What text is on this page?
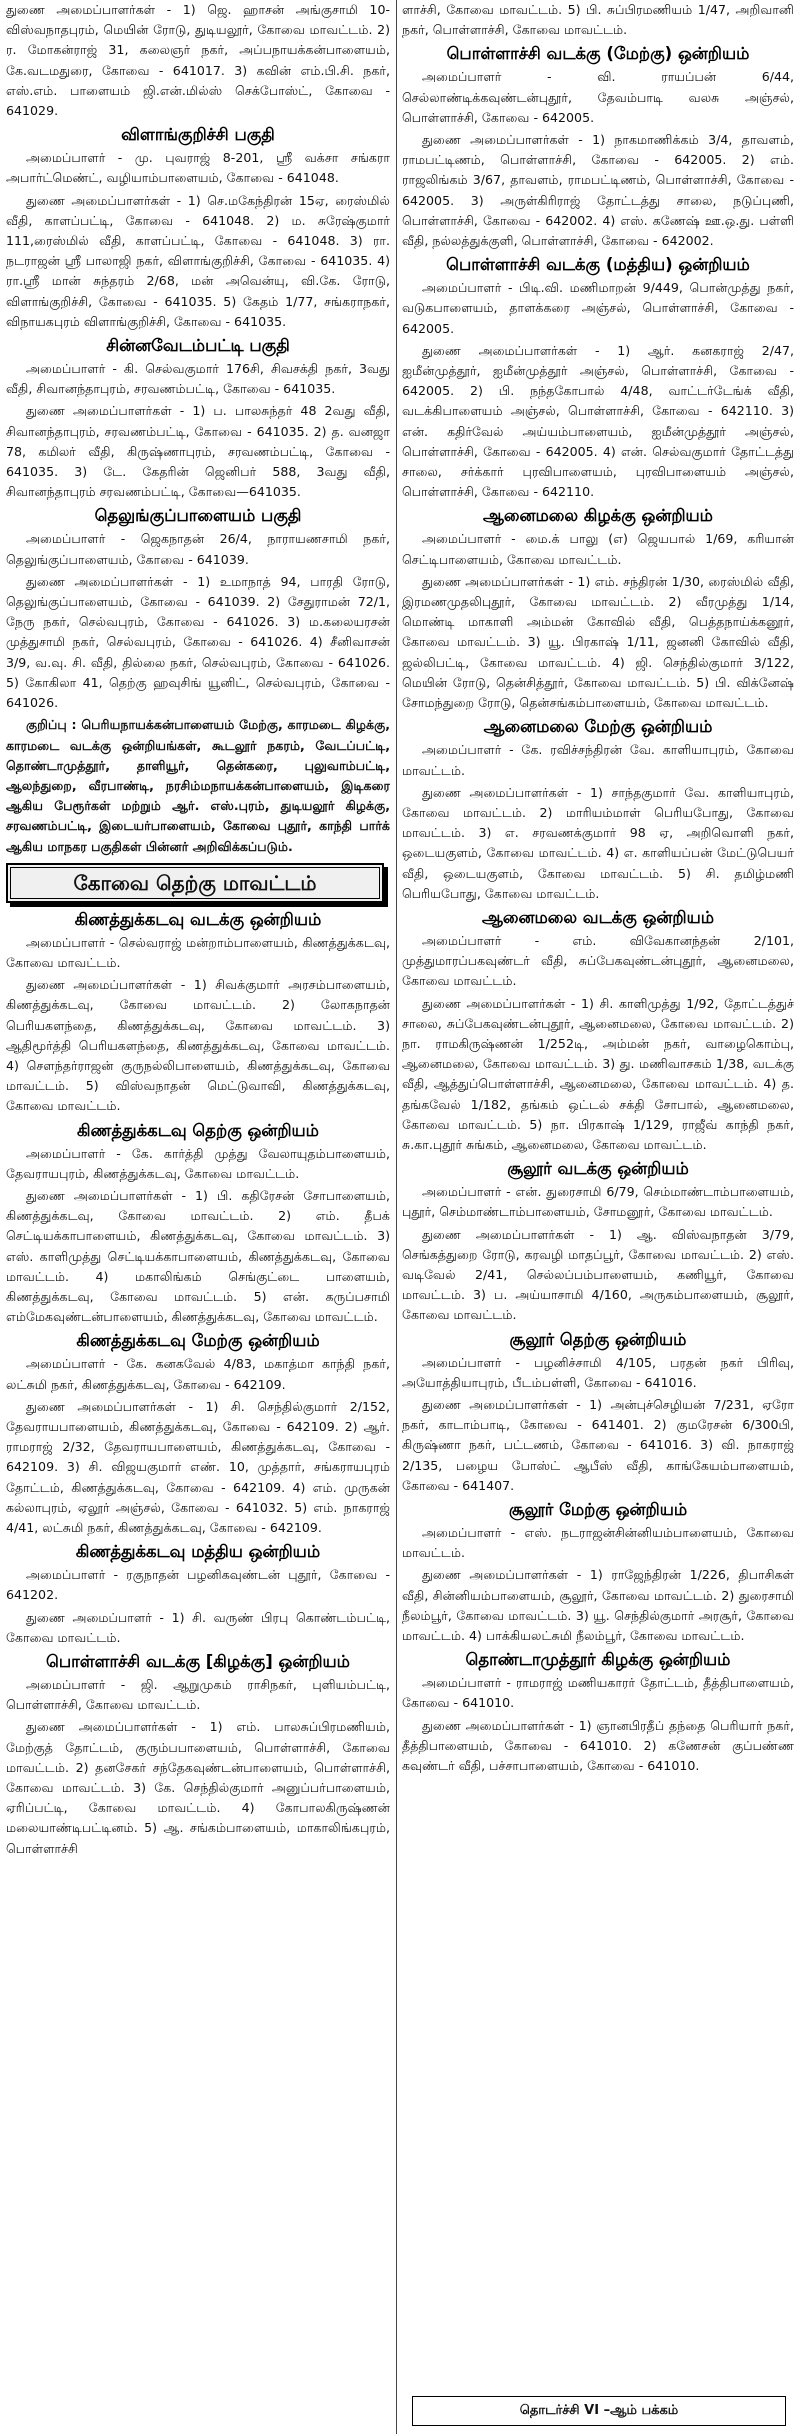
துணை அமைப்பாளர்கள் - 1) ஜெ. ஹாசன் அங்குசாமி 10-விஸ்வநாதபுரம், மெயின் ரோடு, துடியலூர், கோவை மாவட்டம். 2) ர. மோகன்ராஜ் 31, கலைஞர் நகர், அப்பநாயக்கன்பாளையம், கே.வடமதுரை, கோவை - 641017. 3) கவின் எம்.பி.சி. நகர், எஸ்.எம். பாளையம் ஜி.என்.மில்ஸ் செக்போஸ்ட், கோவை - 641029.

விளாங்குறிச்சி பகுதி

அமைப்பாளர் - மு. புவராஜ் 8-201, ஸ்ரீ வக்சா சங்கரா அபார்ட்மெண்ட், வழியாம்பாளையம், கோவை - 641048.

துணை அமைப்பாளர்கள் - 1) செ.மகேந்திரன் 15ஏ, ரைஸ்மில் வீதி, காளப்பட்டி, கோவை - 641048. 2) ம. சுரேஷ்குமார் 111,ரைஸ்மில் வீதி, காளப்பட்டி, கோவை - 641048. 3) ரா. நடராஜன் ஸ்ரீ பாலாஜி நகர், விளாங்குறிச்சி, கோவை - 641035. 4) ரா.ஸ்ரீ மான் சுந்தரம் 2/68, மன் அவென்யு, வி.கே. ரோடு, விளாங்குறிச்சி, கோவை - 641035. 5) கேதம் 1/77, சங்கராநகர், விநாயகபுரம் விளாங்குறிச்சி, கோவை - 641035.

சின்னவேடம்பட்டி பகுதி

அமைப்பாளர் - கி. செல்வகுமார் 176சி, சிவசக்தி நகர், 3வது வீதி, சிவானந்தாபுரம், சரவணம்பட்டி, கோவை - 641035.

துணை அமைப்பாளர்கள் - 1) ப. பாலசுந்தர் 48 2வது வீதி, சிவானந்தாபுரம், சரவணம்பட்டி, கோவை - 641035. 2) த. வனஜா 78, கமிலர் வீதி, கிருஷ்ணாபுரம், சரவணம்பட்டி, கோவை - 641035. 3) டே. கேதரின் ஜெனிபர் 588, 3வது வீதி, சிவானந்தாபுரம் சரவணம்பட்டி, கோவை—641035.

தெலுங்குப்பாளையம் பகுதி

அமைப்பாளர் - ஜெகநாதன் 26/4, நாராயணசாமி நகர், தெலுங்குப்பாளையம், கோவை - 641039.

துணை அமைப்பாளர்கள் - 1) உமாநாத் 94, பாரதி ரோடு, தெலுங்குப்பாளையம், கோவை - 641039. 2) சேதுராமன் 72/1, நேரு நகர், செல்வபுரம், கோவை - 641026. 3) ம.கலையரசன் முத்துசாமி நகர், செல்வபுரம், கோவை - 641026. 4) சீனிவாசன் 3/9, வ.வு. சி. வீதி, தில்லை நகர், செல்வபுரம், கோவை - 641026. 5) கோகிலா 41, தெற்கு ஹவுசிங் யூனிட், செல்வபுரம், கோவை - 641026.

குறிப்பு : பெரியநாயக்கன்பாளையம் மேற்கு, காரமடை கிழக்கு, காரமடை வடக்கு ஒன்றியங்கள், கூடலூர் நகரம், வேடப்பட்டி, தொண்டாமுத்தூர், தாளியூர், தென்கரை, புலுவாம்பட்டி, ஆலந்துறை, வீரபாண்டி, நரசிம்மநாயக்கன்பாளையம், இடிகரை ஆகிய பேரூர்கள் மற்றும் ஆர். எஸ்.புரம், துடியலூர் கிழக்கு, சரவணம்பட்டி, இடையர்பாளையம், கோவை புதூர், காந்தி பார்க் ஆகிய மாநகர பகுதிகள் பின்னர் அறிவிக்கப்படும்.

கோவை தெற்கு மாவட்டம்
கிணத்துக்கடவு வடக்கு ஒன்றியம்

அமைப்பாளர் - செல்வராஜ் மன்றாம்பாளையம், கிணத்துக்கடவு, கோவை மாவட்டம்.

துணை அமைப்பாளர்கள் - 1) சிவக்குமார் அரசம்பாளையம், கிணத்துக்கடவு, கோவை மாவட்டம். 2) லோகநாதன் பெரியகளந்தை, கிணத்துக்கடவு, கோவை மாவட்டம். 3) ஆதிமூர்த்தி பெரியகளந்தை, கிணத்துக்கடவு, கோவை மாவட்டம். 4) சௌந்தர்ராஜன் குருநல்லிபாளையம், கிணத்துக்கடவு, கோவை மாவட்டம். 5) விஸ்வநாதன் மெட்டுவாவி, கிணத்துக்கடவு, கோவை மாவட்டம்.

கிணத்துக்கடவு தெற்கு ஒன்றியம்

அமைப்பாளர் - கே. கார்த்தி முத்து வேலாயுதம்பாளையம், தேவராயபுரம், கிணத்துக்கடவு, கோவை மாவட்டம்.

துணை அமைப்பாளர்கள் - 1) பி. கதிரேசன் சோபாளையம், கிணத்துக்கடவு, கோவை மாவட்டம். 2) எம். தீபக் செட்டியக்காபாளையம், கிணத்துக்கடவு, கோவை மாவட்டம். 3) எஸ். காளிமுத்து செட்டியக்காபாளையம், கிணத்துக்கடவு, கோவை மாவட்டம். 4) மகாலிங்கம் செங்குட்டை பாளையம், கிணத்துக்கடவு, கோவை மாவட்டம். 5) என். கருப்பசாமி எம்மேகவுண்டன்பாளையம், கிணத்துக்கடவு, கோவை மாவட்டம்.

கிணத்துக்கடவு மேற்கு ஒன்றியம்

அமைப்பாளர் - கே. கனகவேல் 4/83, மகாத்மா காந்தி நகர், லட்சுமி நகர், கிணத்துக்கடவு, கோவை - 642109.

துணை அமைப்பாளர்கள் - 1) சி. செந்தில்குமார் 2/152, தேவராயபாளையம், கிணத்துக்கடவு, கோவை - 642109. 2) ஆர். ராமராஜ் 2/32, தேவராயபாளையம், கிணத்துக்கடவு, கோவை - 642109. 3) சி. விஜயகுமார் எண். 10, முத்தார், சங்கராயபுரம் தோட்டம், கிணத்துக்கடவு, கோவை - 642109. 4) எம். முருகன் கல்லாபுரம், ஏலூர் அஞ்சல், கோவை - 641032. 5) எம். நாகராஜ் 4/41, லட்சுமி நகர், கிணத்துக்கடவு, கோவை - 642109.

கிணத்துக்கடவு மத்திய ஒன்றியம்

அமைப்பாளர் - ரகுநாதன் பழனிகவுண்டன் புதூர், கோவை - 641202.

துணை அமைப்பாளர் - 1) சி. வருண் பிரபு கொண்டம்பட்டி, கோவை மாவட்டம்.

பொள்ளாச்சி வடக்கு [கிழக்கு] ஒன்றியம்

அமைப்பாளர் - ஜி. ஆறுமுகம் ராசிநகர், புளியம்பட்டி, பொள்ளாச்சி, கோவை மாவட்டம்.

துணை அமைப்பாளர்கள் - 1) எம். பாலசுப்பிரமணியம், மேற்குத் தோட்டம், குரும்பபாளையம், பொள்ளாச்சி, கோவை மாவட்டம். 2) தனசேகர் சந்தேகவுண்டன்பாளையம், பொள்ளாச்சி, கோவை மாவட்டம். 3) கே. செந்தில்குமார் அனுப்பர்பாளையம், ஏரிப்பட்டி, கோவை மாவட்டம். 4) கோபாலகிருஷ்ணன் மலையாண்டிபட்டினம். 5) ஆ. சங்கம்பாளையம், மாகாலிங்கபுரம், பொள்ளாச்சி

ளாச்சி, கோவை மாவட்டம். 5) பி. சுப்பிரமணியம் 1/47, அறிவானி நகர், பொள்ளாச்சி, கோவை மாவட்டம்.

பொள்ளாச்சி வடக்கு (மேற்கு) ஒன்றியம்

அமைப்பாளர் - வி. ராயப்பன் 6/44, செல்லாண்டிக்கவுண்டன்புதூர், தேவம்பாடி வலசு அஞ்சல், பொள்ளாச்சி, கோவை - 642005.

துணை அமைப்பாளர்கள் - 1) நாகமாணிக்கம் 3/4, தாவளம், ராமபட்டிணம், பொள்ளாச்சி, கோவை - 642005. 2) எம். ராஜலிங்கம் 3/67, தாவளம், ராமபட்டிணம், பொள்ளாச்சி, கோவை - 642005. 3) அருள்கிரிராஜ் தோட்டத்து சாலை, நடுப்புணி, பொள்ளாச்சி, கோவை - 642002. 4) எஸ். கணேஷ் ஊ.ஒ.து. பள்ளி வீதி, நல்லத்துக்குளி, பொள்ளாச்சி, கோவை - 642002.

பொள்ளாச்சி வடக்கு (மத்திய) ஒன்றியம்

அமைப்பாளர் - பிடி.வி. மணிமாறன் 9/449, பொன்முத்து நகர், வடுகபாளையம், தாளக்கரை அஞ்சல், பொள்ளாச்சி, கோவை - 642005.

துணை அமைப்பாளர்கள் - 1) ஆர். கனகராஜ் 2/47, ஐமீன்முத்தூர், ஐமீன்முத்தூர் அஞ்சல், பொள்ளாச்சி, கோவை - 642005. 2) பி. நந்தகோபால் 4/48, வாட்டர்டேங்க் வீதி, வடக்கிபாளையம் அஞ்சல், பொள்ளாச்சி, கோவை - 642110. 3) என். கதிர்வேல் அய்யம்பாளையம், ஐமீன்முத்தூர் அஞ்சல், பொள்ளாச்சி, கோவை - 642005. 4) என். செல்வகுமார் தோட்டத்து சாலை, சர்க்கார் புரவிபாளையம், புரவிபாளையம் அஞ்சல், பொள்ளாச்சி, கோவை - 642110.

ஆனைமலை கிழக்கு ஒன்றியம்

அமைப்பாளர் - மை.க் பாலு (எ) ஜெயபால் 1/69, கரியான் செட்டிபாளையம், கோவை மாவட்டம்.

துணை அமைப்பாளர்கள் - 1) எம். சந்திரன் 1/30, ரைஸ்மில் வீதி, இரமணமுதலிபுதூர், கோவை மாவட்டம். 2) வீரமுத்து 1/14, மொண்டி மாகாளி அம்மன் கோவில் வீதி, பெத்தநாய்க்கனூர், கோவை மாவட்டம். 3) யூ. பிரகாஷ் 1/11, ஜனனி கோவில் வீதி, ஜல்லிபட்டி, கோவை மாவட்டம். 4) ஜி. செந்தில்குமார் 3/122, மெயின் ரோடு, தென்சித்தூர், கோவை மாவட்டம். 5) பி. விக்னேஷ் சோமந்துறை ரோடு, தென்சங்கம்பாளையம், கோவை மாவட்டம்.

ஆனைமலை மேற்கு ஒன்றியம்

அமைப்பாளர் - கே. ரவிச்சந்திரன் வே. காளியாபுரம், கோவை மாவட்டம்.

துணை அமைப்பாளர்கள் - 1) சாந்தகுமார் வே. காளியாபுரம், கோவை மாவட்டம். 2) மாரியம்மாள் பெரியபோது, கோவை மாவட்டம். 3) எ. சரவணக்குமார் 98 ஏ, அறிவொளி நகர், ஒடையகுளம், கோவை மாவட்டம். 4) எ. காளியப்பன் மேட்டுபெயர் வீதி, ஒடையகுளம், கோவை மாவட்டம். 5) சி. தமிழ்மணி பெரியபோது, கோவை மாவட்டம்.

ஆனைமலை வடக்கு ஒன்றியம்

அமைப்பாளர் - எம். விவேகானந்தன் 2/101, முத்துமாரப்பகவுண்டர் வீதி, சுப்பேகவுண்டன்புதூர், ஆனைமலை, கோவை மாவட்டம்.

துணை அமைப்பாளர்கள் - 1) சி. காளிமுத்து 1/92, தோட்டத்துச் சாலை, சுப்பேகவுண்டன்புதூர், ஆனைமலை, கோவை மாவட்டம். 2) நா. ராமகிருஷ்ணன் 1/252டி, அம்மன் நகர், வாழைகொம்பு, ஆனைமலை, கோவை மாவட்டம். 3) து. மணிவாசகம் 1/38, வடக்கு வீதி, ஆத்துப்பொள்ளாச்சி, ஆனைமலை, கோவை மாவட்டம். 4) த. தங்கவேல் 1/182, தங்கம் ஒட்டல் சக்தி சோபால், ஆனைமலை, கோவை மாவட்டம். 5) நா. பிரகாஷ் 1/129, ராஜீவ் காந்தி நகர், சு.கா.புதூர் சுங்கம், ஆனைமலை, கோவை மாவட்டம்.

சூலூர் வடக்கு ஒன்றியம்

அமைப்பாளர் - என். துரைசாமி 6/79, செம்மாண்டாம்பாளையம், புதூர், செம்மாண்டாம்பாளையம், சோமனூர், கோவை மாவட்டம்.

துணை அமைப்பாளர்கள் - 1) ஆ. விஸ்வநாதன் 3/79, செங்கத்துறை ரோடு, கரவழி மாதப்பூர், கோவை மாவட்டம். 2) எஸ். வடிவேல் 2/41, செல்லப்பம்பாளையம், கணியூர், கோவை மாவட்டம். 3) ப. அய்யாசாமி 4/160, அருகம்பாளையம், சூலூர், கோவை மாவட்டம்.

சூலூர் தெற்கு ஒன்றியம்

அமைப்பாளர் - பழனிச்சாமி 4/105, பரதன் நகர் பிரிவு, அயோத்தியாபுரம், பீடம்பள்ளி, கோவை - 641016.

துணை அமைப்பாளர்கள் - 1) அன்புச்செழியன் 7/231, ஏரோ நகர், காடாம்பாடி, கோவை - 641401. 2) குமரேசன் 6/300பி, கிருஷ்ணா நகர், பட்டணம், கோவை - 641016. 3) வி. நாகராஜ் 2/135, பழைய போஸ்ட் ஆபீஸ் வீதி, காங்கேயம்பாளையம், கோவை - 641407.

சூலூர் மேற்கு ஒன்றியம்

அமைப்பாளர் - எஸ். நடராஜன்சின்னியம்பாளையம், கோவை மாவட்டம்.

துணை அமைப்பாளர்கள் - 1) ராஜேந்திரன் 1/226, திபாசிகள் வீதி, சின்னியம்பாளையம், சூலூர், கோவை மாவட்டம். 2) துரைசாமி நீலம்பூர், கோவை மாவட்டம். 3) யூ. செந்தில்குமார் அரசூர், கோவை மாவட்டம். 4) பாக்கியலட்சுமி நீலம்பூர், கோவை மாவட்டம்.

தொண்டாமுத்தூர் கிழக்கு ஒன்றியம்

அமைப்பாளர் - ராமராஜ் மணியகாரர் தோட்டம், தீத்திபாளையம், கோவை - 641010.

துணை அமைப்பாளர்கள் - 1) ஞானபிரதீப் தந்தை பெரியார் நகர், தீத்திபாளையம், கோவை - 641010. 2) கணேசன் குப்பண்ண கவுண்டர் வீதி, பச்சாபாளையம், கோவை - 641010.

தொடர்ச்சி VI –ஆம் பக்கம்
